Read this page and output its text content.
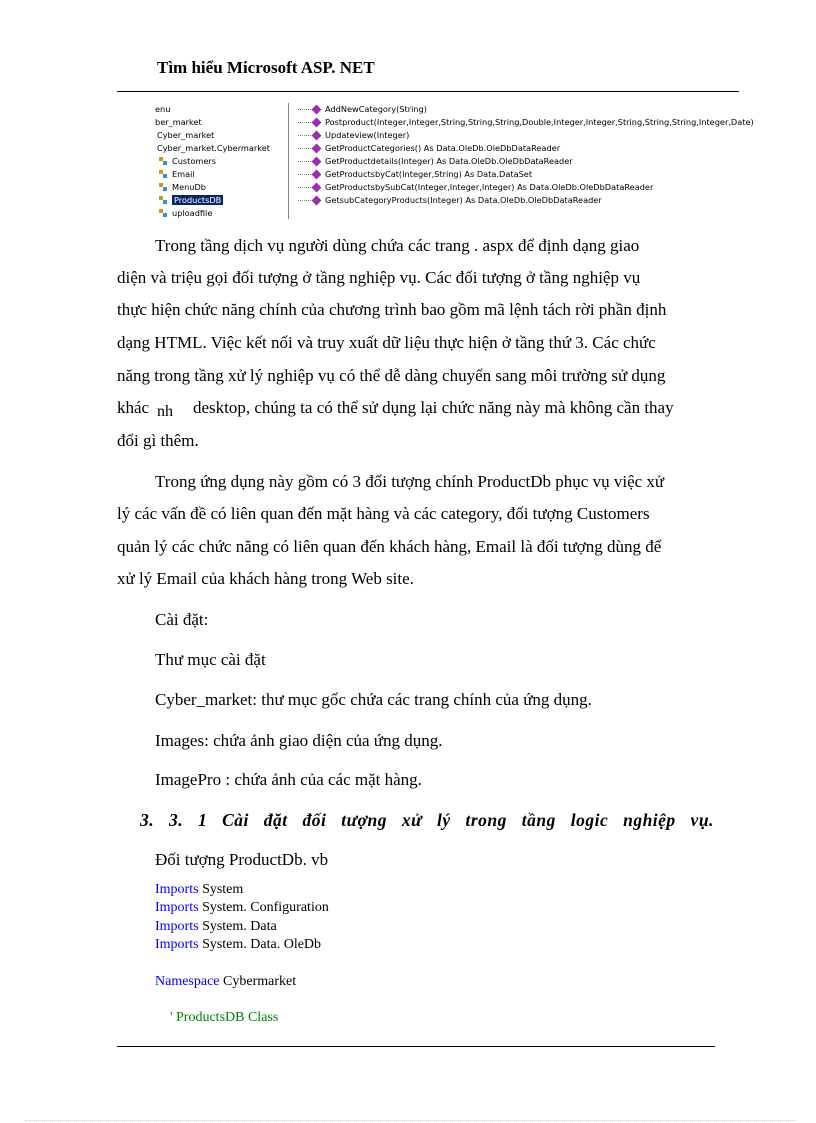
Tìm hiểu Microsoft ASP. NET
enu
ber_market
Cyber_market
Cyber_market.Cybermarket
Customers
Email
MenuDb
ProductsDB
uploadfile
AddNewCategory(String)
Postproduct(Integer,Integer,String,String,String,Double,Integer,Integer,String,String,String,Integer,Date)
Updateview(Integer)
GetProductCategories() As Data.OleDb.OleDbDataReader
GetProductdetails(Integer) As Data.OleDb.OleDbDataReader
GetProductsbyCat(Integer,String) As Data.DataSet
GetProductsbySubCat(Integer,Integer,Integer) As Data.OleDb.OleDbDataReader
GetsubCategoryProducts(Integer) As Data.OleDb.OleDbDataReader
Trong tầng dịch vụ người dùng chứa các trang . aspx để định dạng giao
diện và triệu gọi đối tượng ở tầng nghiệp vụ. Các đối tượng ở tầng nghiệp vụ
thực hiện chức năng chính của chương trình bao gồm mã lệnh tách rời phần định
dạng HTML. Việc kết nối và truy xuất dữ liệu thực hiện ở tầng thứ 3. Các chức
năng trong tầng xử lý nghiệp vụ có thể dễ dàng chuyển sang môi trường sử dụng
khác nh desktop, chúng ta có thể sử dụng lại chức năng này mà không cần thay
đổi gì thêm.
Trong ứng dụng này gồm có 3 đối tượng chính ProductDb phục vụ việc xử
lý các vấn đề có liên quan đến mặt hàng và các category, đối tượng Customers
quản lý các chức năng có liên quan đến khách hàng, Email là đối tượng dùng để
xử lý Email của khách hàng trong Web site.
Cài đặt:
Thư mục cài đặt
Cyber_market: thư mục gốc chứa các trang chính của ứng dụng.
Images: chứa ảnh giao diện của ứng dụng.
ImagePro : chứa ảnh của các mặt hàng.
3. 3. 1 Cài đặt đối tượng xử lý trong tầng logic nghiệp vụ.
Đối tượng ProductDb. vb
Imports System
Imports System. Configuration
Imports System. Data
Imports System. Data. OleDb
Namespace Cybermarket
' ProductsDB Class
